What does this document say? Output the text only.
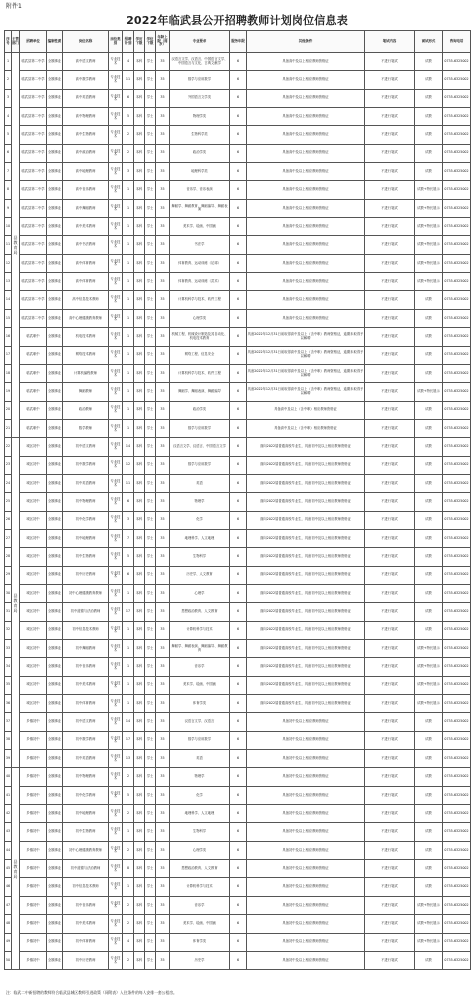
附件1
2022年临武县公开招聘教师计划岗位信息表
序号	主管部门	招聘单位	编制性质	岗位名称	岗位类别	招聘计划	学历下限	学位下限	年龄上限（周岁）	专业要求	服务年限	其他条件	笔试内容	面试形式	咨询电话
1	县教育局	临武县第二中学	全额事业	高中语文教师	专业技术	4	本科	学士	35	汉语言文学、汉语言、中国语言文学、中国语言与文化、古典文献学	6	具备高中及以上相应教师资格证	不进行笔试	试教	0735-6325002
2		临武县第二中学	全额事业	高中数学教师	专业技术	11	本科	学士	35	数学与应用数学	6	具备高中及以上相应教师资格证	不进行笔试	试教	0735-6325002
3		临武县第二中学	全额事业	高中英语教师	专业技术	6	本科	学士	35	外国语言文学类	6	具备高中及以上相应教师资格证	不进行笔试	试教	0735-6325002
4		临武县第二中学	全额事业	高中物理教师	专业技术	5	本科	学士	35	物理学类	6	具备高中及以上相应教师资格证	不进行笔试	试教	0735-6325002
5		临武县第二中学	全额事业	高中生物教师	专业技术	2	本科	学士	35	生物科学类	6	具备高中及以上相应教师资格证	不进行笔试	试教	0735-6325002
6		临武县第二中学	全额事业	高中政治教师	专业技术	2	本科	学士	35	政治学类	6	具备高中及以上相应教师资格证	不进行笔试	试教	0735-6325002
7		临武县第二中学	全额事业	高中地理教师	专业技术	3	本科	学士	35	地理科学类	6	具备高中及以上相应教师资格证	不进行笔试	试教	0735-6325002
8		临武县第二中学	全额事业	高中音乐教师	专业技术	1	本科	学士	35	音乐学、音乐表演	6	具备高中及以上相应教师资格证	不进行笔试	试教+特长展示	0735-6325002
9		临武县第二中学	全额事业	高中舞蹈教师	专业技术	1	本科	学士	35	舞蹈学、舞蹈教育、舞蹈编导、舞蹈表演	6	具备高中及以上相应教师资格证	不进行笔试	试教+特长展示	0735-6325002
10		临武县第二中学	全额事业	高中美术教师	专业技术	1	本科	学士	35	美术学、绘画、中国画	6	具备高中及以上相应教师资格证	不进行笔试	试教+特长展示	0735-6325002
11		临武县第二中学	全额事业	高中书法教师	专业技术	1	本科	学士	35	书法学	6	具备高中及以上相应教师资格证	不进行笔试	试教+特长展示	0735-6325002
12		临武县第二中学	全额事业	高中体育教师	专业技术	1	本科	学士	35	体育教育、运动训练（足球）	6	具备高中及以上相应教师资格证	不进行笔试	试教+特长展示	0735-6325002
13		临武县第二中学	全额事业	高中体育教师	专业技术	1	本科	学士	35	体育教育、运动训练（武术）	6	具备高中及以上相应教师资格证	不进行笔试	试教+特长展示	0735-6325002
14		临武县第二中学	全额事业	高中信息技术教师	专业技术	1	本科	学士	35	计算机科学与技术、软件工程	6	具备高中及以上相应教师资格证	不进行笔试	试教	0735-6325002
15		临武县第二中学	全额事业	高中心理健康教育教师	专业技术	1	本科	学士	35	心理学类	6	具备高中及以上相应教师资格证	不进行笔试	试教	0735-6325002
16		临武职中	全额事业	机电技术教师	专业技术	1	本科	学士	35	机械工程、机械设计制造及其自动化、机电技术教育	6	具备2022年12月31日前取得高中及以上（含中职）教师资格证，逾期未取得予以解聘	不进行笔试	试教	0735-6325002
17		临武职中	全额事业	网络技术教师	专业技术	1	本科	学士	35	网络工程、信息安全	6	具备2022年12月31日前取得高中及以上（含中职）教师资格证，逾期未取得予以解聘	不进行笔试	试教	0735-6325002
18		临武职中	全额事业	计算机编程教师	专业技术	1	本科	学士	35	计算机科学与技术、软件工程	6	具备2022年12月31日前取得高中及以上（含中职）教师资格证，逾期未取得予以解聘	不进行笔试	试教	0735-6325002
19		临武职中	全额事业	舞蹈教师	专业技术	1	本科	学士	35	舞蹈学、舞蹈表演、舞蹈编导	6	具备2022年12月31日前取得高中及以上（含中职）教师资格证，逾期未取得予以解聘	不进行笔试	试教+特长展示	0735-6325002
20		临武职中	全额事业	政治教师	专业技术	1	本科	学士	35	政治学类	6	具备高中及以上（含中职）相应教师资格证	不进行笔试	试教	0735-6325002
21		临武职中	全额事业	数学教师	专业技术	1	本科	学士	35	数学与应用数学	6	具备高中及以上（含中职）相应教师资格证	不进行笔试	试教	0735-6325002
22	县教育局	城区初中	全额事业	初中语文教师	专业技术	14	本科	学士	35	汉语言文学、汉语言、中国语言文学	6	面向2022届普通高校毕业生，具备初中及以上相应教师资格证	不进行笔试	试教	0735-6325002
23		城区初中	全额事业	初中数学教师	专业技术	12	本科	学士	35	数学与应用数学	6	面向2022届普通高校毕业生，具备初中及以上相应教师资格证	不进行笔试	试教	0735-6325002
24		城区初中	全额事业	初中英语教师	专业技术	11	本科	学士	35	英语	6	面向2022届普通高校毕业生，具备初中及以上相应教师资格证	不进行笔试	试教	0735-6325002
25		城区初中	全额事业	初中物理教师	专业技术	6	本科	学士	35	物理学	6	面向2022届普通高校毕业生，具备初中及以上相应教师资格证	不进行笔试	试教	0735-6325002
26		城区初中	全额事业	初中化学教师	专业技术	3	本科	学士	35	化学	6	面向2022届普通高校毕业生，具备初中及以上相应教师资格证	不进行笔试	试教	0735-6325002
27		城区初中	全额事业	初中地理教师	专业技术	7	本科	学士	35	地理科学、人文地理	6	面向2022届普通高校毕业生，具备初中及以上相应教师资格证	不进行笔试	试教	0735-6325002
28		城区初中	全额事业	初中生物教师	专业技术	5	本科	学士	35	生物科学	6	面向2022届普通高校毕业生，具备初中及以上相应教师资格证	不进行笔试	试教	0735-6325002
29		城区初中	全额事业	初中历史教师	专业技术	6	本科	学士	35	历史学、人文教育	6	面向2022届普通高校毕业生，具备初中及以上相应教师资格证	不进行笔试	试教	0735-6325002
30		城区初中	全额事业	初中心理健康教育教师	专业技术	1	本科	学士	35	心理学	6	面向2022届普通高校毕业生，具备初中及以上相应教师资格证	不进行笔试	试教	0735-6325002
31		城区初中	全额事业	初中道德与法治教师	专业技术	17	本科	学士	35	思想政治教育、人文教育	6	面向2022届普通高校毕业生，具备初中及以上相应教师资格证	不进行笔试	试教	0735-6325002
32		城区初中	全额事业	初中信息技术教师	专业技术	1	本科	学士	35	计算机科学与技术	6	面向2022届普通高校毕业生，具备初中及以上相应教师资格证	不进行笔试	试教	0735-6325002
33		城区初中	全额事业	初中舞蹈教师	专业技术	1	本科	学士	35	舞蹈学、舞蹈表演、舞蹈编导、舞蹈教育	6	面向2022届普通高校毕业生，具备初中及以上相应教师资格证	不进行笔试	试教+特长展示	0735-6325002
34		城区初中	全额事业	初中音乐教师	专业技术	1	本科	学士	35	音乐学	6	面向2022届普通高校毕业生，具备初中及以上相应教师资格证	不进行笔试	试教+特长展示	0735-6325002
35		城区初中	全额事业	初中美术教师	专业技术	1	本科	学士	35	美术学、绘画、中国画	6	面向2022届普通高校毕业生，具备初中及以上相应教师资格证	不进行笔试	试教+特长展示	0735-6325002
36		城区初中	全额事业	初中体育教师	专业技术	1	本科	学士	35	体育学类	6	面向2022届普通高校毕业生，具备初中及以上相应教师资格证	不进行笔试	试教+特长展示	0735-6325002
37		乡镇初中	全额事业	初中语文教师	专业技术	14	本科	学士	35	汉语言文学、汉语言	6	具备初中及以上相应教师资格证	不进行笔试	试教	0735-6325002
38		乡镇初中	全额事业	初中数学教师	专业技术	17	本科	学士	35	数学与应用数学	6	具备初中及以上相应教师资格证	不进行笔试	试教	0735-6325002
39		乡镇初中	全额事业	初中英语教师	专业技术	13	本科	学士	35	英语	6	具备初中及以上相应教师资格证	不进行笔试	试教	0735-6325002
40	县教育局	乡镇初中	全额事业	初中物理教师	专业技术	2	本科	学士	35	物理学	6	具备初中及以上相应教师资格证	不进行笔试	试教	0735-6325002
41		乡镇初中	全额事业	初中化学教师	专业技术	5	本科	学士	35	化学	6	具备初中及以上相应教师资格证	不进行笔试	试教	0735-6325002
42		乡镇初中	全额事业	初中地理教师	专业技术	2	本科	学士	35	地理科学、人文地理	6	具备初中及以上相应教师资格证	不进行笔试	试教	0735-6325002
43		乡镇初中	全额事业	初中生物教师	专业技术	1	本科	学士	35	生物科学	6	具备初中及以上相应教师资格证	不进行笔试	试教	0735-6325002
44		乡镇初中	全额事业	初中心理健康教育教师	专业技术	2	本科	学士	35	心理学类	6	具备初中及以上相应教师资格证	不进行笔试	试教	0735-6325002
45		乡镇初中	全额事业	初中道德与法治教师	专业技术	8	本科	学士	35	思想政治教育、人文教育	6	具备初中及以上相应教师资格证	不进行笔试	试教	0735-6325002
46		乡镇初中	全额事业	初中信息技术教师	专业技术	1	本科	学士	35	计算机科学与技术	6	具备初中及以上相应教师资格证	不进行笔试	试教	0735-6325002
47		乡镇初中	全额事业	初中音乐教师	专业技术	2	本科	学士	35	音乐学	6	具备初中及以上相应教师资格证	不进行笔试	试教+特长展示	0735-6325002
48		乡镇初中	全额事业	初中美术教师	专业技术	2	本科	学士	35	美术学、绘画、中国画	6	具备初中及以上相应教师资格证	不进行笔试	试教+特长展示	0735-6325002
49		乡镇初中	全额事业	初中体育教师	专业技术	4	本科	学士	35	体育学类	6	具备初中及以上相应教师资格证	不进行笔试	试教+特长展示	0735-6325002
50		乡镇初中	全额事业	初中历史教师	专业技术	2	本科	学士	35	历史学	6	具备初中及以上相应教师资格证	不进行笔试	试教	0735-6325002
注：临武二中新招聘的教师符合临武县城区教师引进政策（同附表）入住条件的每人安排一套公租房。
